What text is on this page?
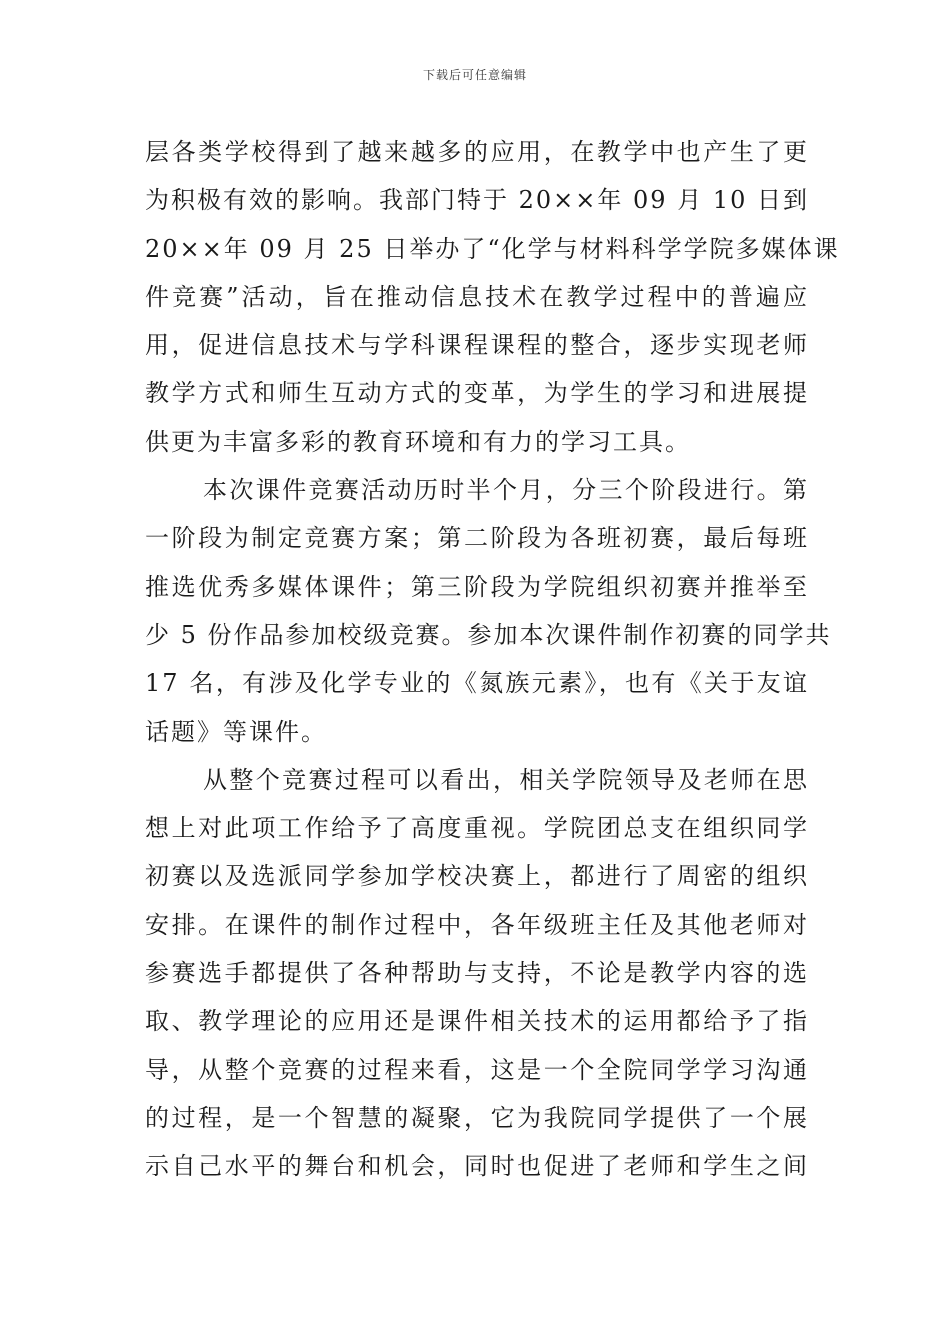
下载后可任意编辑
层各类学校得到了越来越多的应用，在教学中也产生了更
为积极有效的影响。我部门特于 20××年 09 月 10 日到
20××年 09 月 25 日举办了“化学与材料科学学院多媒体课
件竞赛”活动，旨在推动信息技术在教学过程中的普遍应
用，促进信息技术与学科课程课程的整合，逐步实现老师
教学方式和师生互动方式的变革，为学生的学习和进展提
供更为丰富多彩的教育环境和有力的学习工具。
本次课件竞赛活动历时半个月，分三个阶段进行。第
一阶段为制定竞赛方案；第二阶段为各班初赛，最后每班
推选优秀多媒体课件；第三阶段为学院组织初赛并推举至
少 5 份作品参加校级竞赛。参加本次课件制作初赛的同学共
17 名，有涉及化学专业的《氮族元素》，也有《关于友谊
话题》等课件。
从整个竞赛过程可以看出，相关学院领导及老师在思
想上对此项工作给予了高度重视。学院团总支在组织同学
初赛以及选派同学参加学校决赛上，都进行了周密的组织
安排。在课件的制作过程中，各年级班主任及其他老师对
参赛选手都提供了各种帮助与支持，不论是教学内容的选
取、教学理论的应用还是课件相关技术的运用都给予了指
导，从整个竞赛的过程来看，这是一个全院同学学习沟通
的过程，是一个智慧的凝聚，它为我院同学提供了一个展
示自己水平的舞台和机会，同时也促进了老师和学生之间
